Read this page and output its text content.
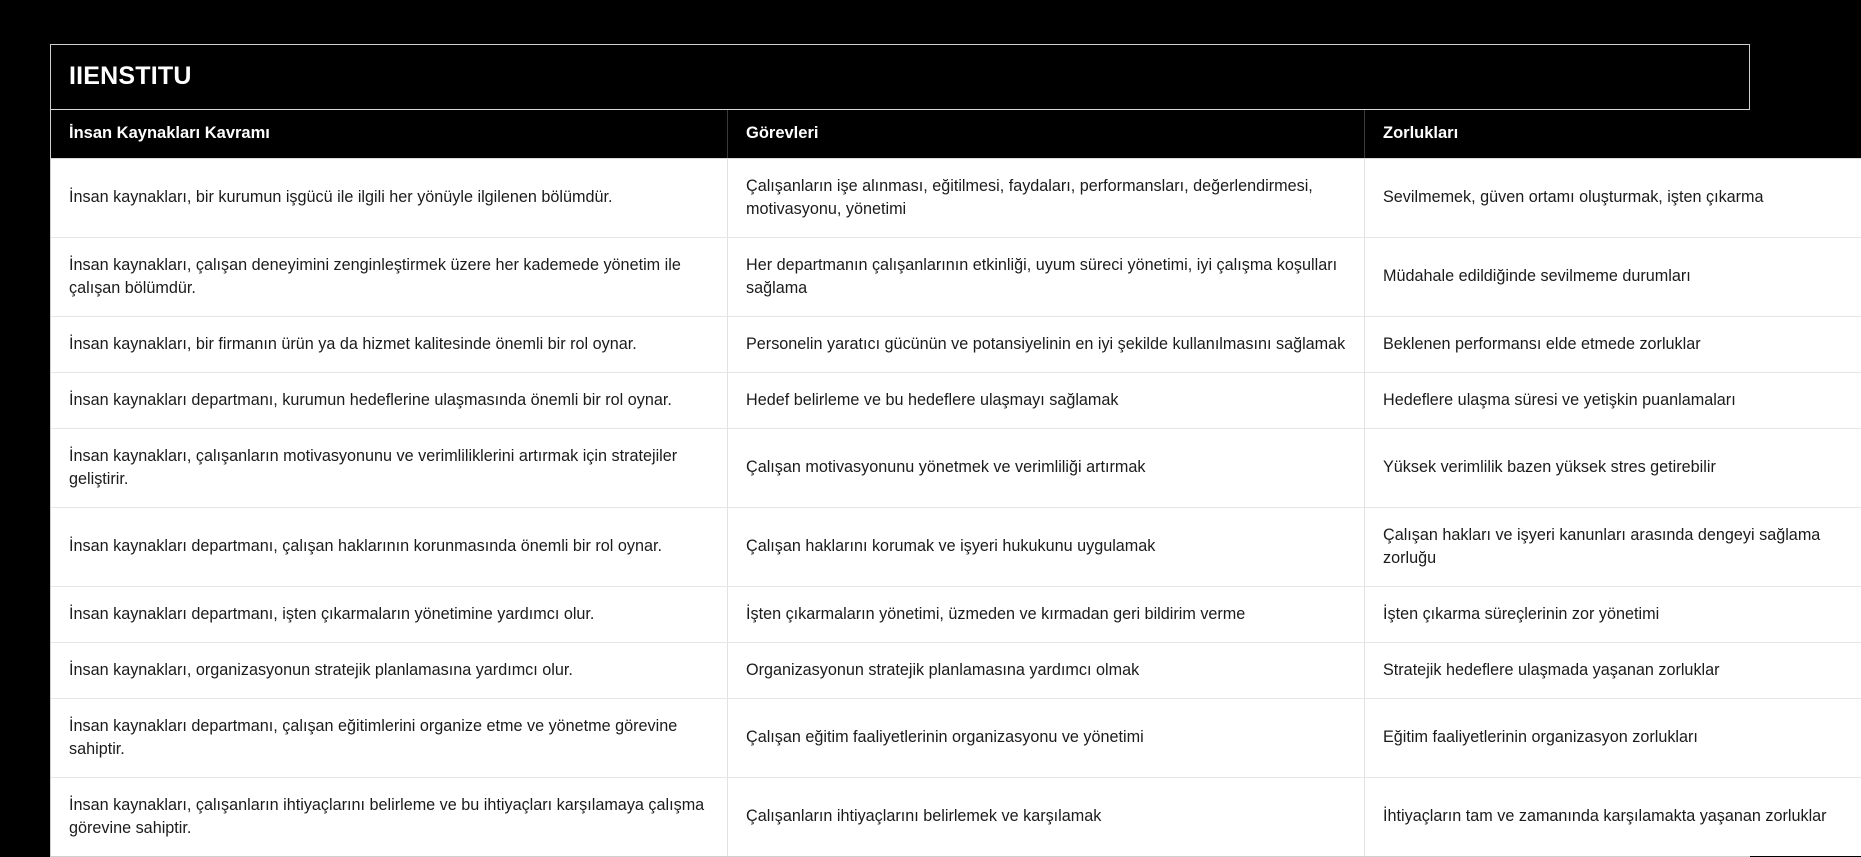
IIENSTITU
İnsan Kaynakları Kavramı	Görevleri	Zorlukları
İnsan kaynakları, bir kurumun işgücü ile ilgili her yönüyle ilgilenen bölümdür.	Çalışanların işe alınması, eğitilmesi, faydaları, performansları, değerlendirmesi, motivasyonu, yönetimi	Sevilmemek, güven ortamı oluşturmak, işten çıkarma
İnsan kaynakları, çalışan deneyimini zenginleştirmek üzere her kademede yönetim ile çalışan bölümdür.	Her departmanın çalışanlarının etkinliği, uyum süreci yönetimi, iyi çalışma koşulları sağlama	Müdahale edildiğinde sevilmeme durumları
İnsan kaynakları, bir firmanın ürün ya da hizmet kalitesinde önemli bir rol oynar.	Personelin yaratıcı gücünün ve potansiyelinin en iyi şekilde kullanılmasını sağlamak	Beklenen performansı elde etmede zorluklar
İnsan kaynakları departmanı, kurumun hedeflerine ulaşmasında önemli bir rol oynar.	Hedef belirleme ve bu hedeflere ulaşmayı sağlamak	Hedeflere ulaşma süresi ve yetişkin puanlamaları
İnsan kaynakları, çalışanların motivasyonunu ve verimliliklerini artırmak için stratejiler geliştirir.	Çalışan motivasyonunu yönetmek ve verimliliği artırmak	Yüksek verimlilik bazen yüksek stres getirebilir
İnsan kaynakları departmanı, çalışan haklarının korunmasında önemli bir rol oynar.	Çalışan haklarını korumak ve işyeri hukukunu uygulamak	Çalışan hakları ve işyeri kanunları arasında dengeyi sağlama zorluğu
İnsan kaynakları departmanı, işten çıkarmaların yönetimine yardımcı olur.	İşten çıkarmaların yönetimi, üzmeden ve kırmadan geri bildirim verme	İşten çıkarma süreçlerinin zor yönetimi
İnsan kaynakları, organizasyonun stratejik planlamasına yardımcı olur.	Organizasyonun stratejik planlamasına yardımcı olmak	Stratejik hedeflere ulaşmada yaşanan zorluklar
İnsan kaynakları departmanı, çalışan eğitimlerini organize etme ve yönetme görevine sahiptir.	Çalışan eğitim faaliyetlerinin organizasyonu ve yönetimi	Eğitim faaliyetlerinin organizasyon zorlukları
İnsan kaynakları, çalışanların ihtiyaçlarını belirleme ve bu ihtiyaçları karşılamaya çalışma görevine sahiptir.	Çalışanların ihtiyaçlarını belirlemek ve karşılamak	İhtiyaçların tam ve zamanında karşılamakta yaşanan zorluklar
